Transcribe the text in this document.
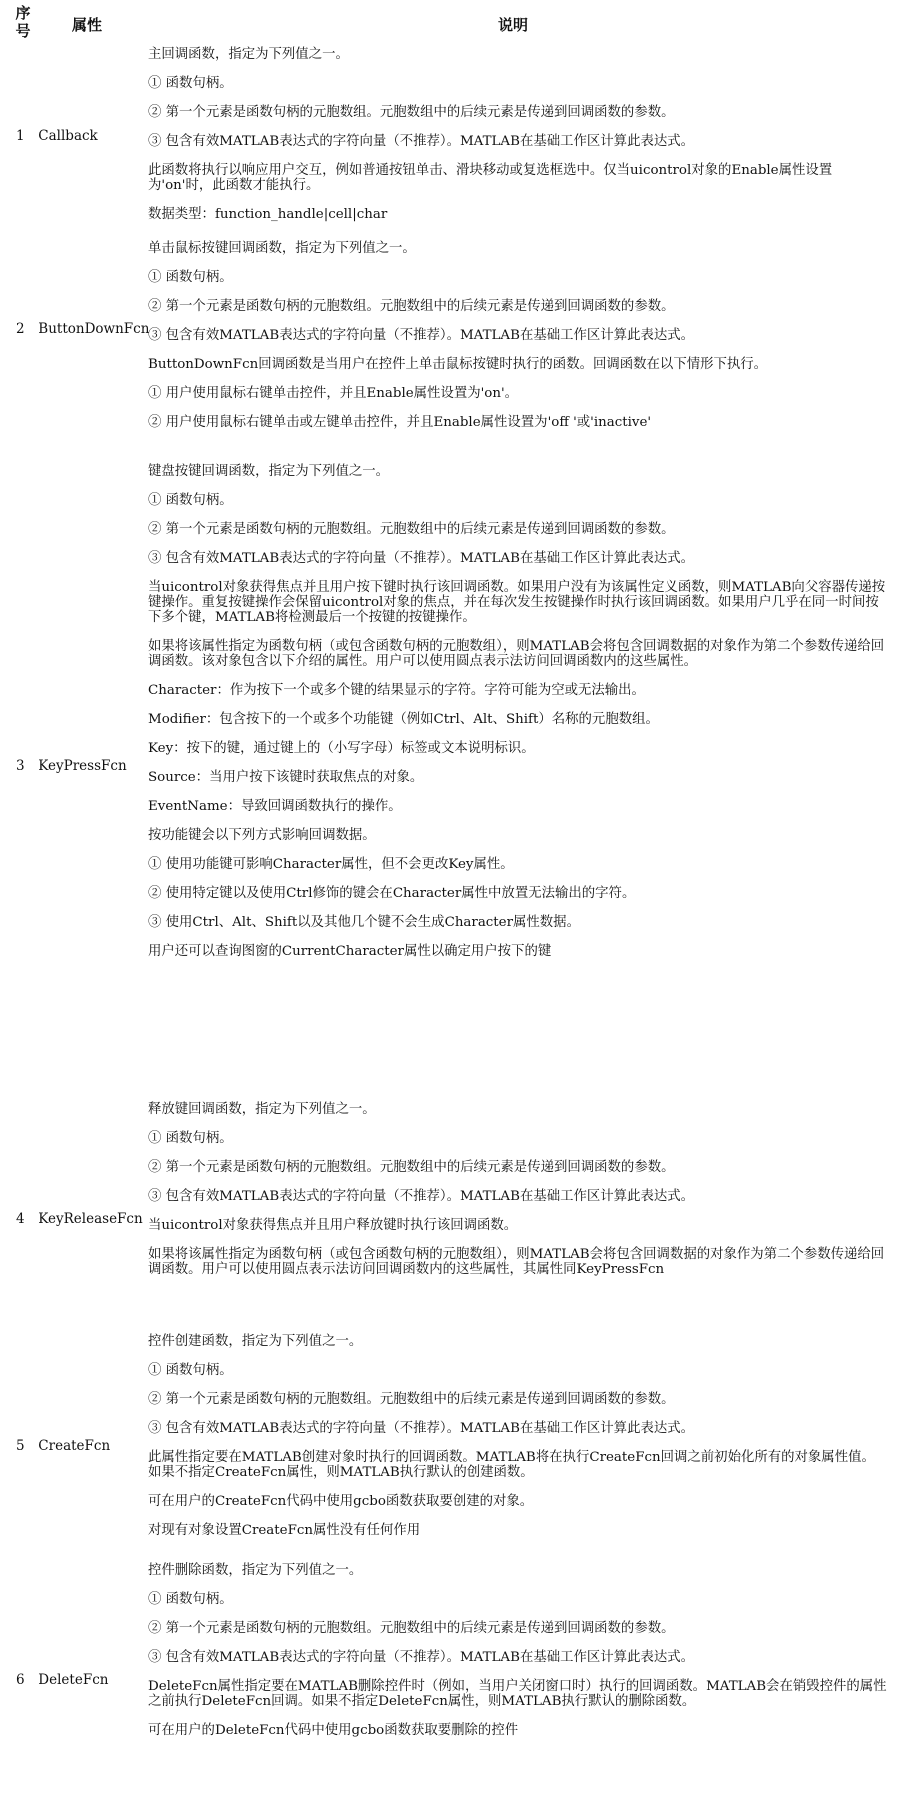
序号	属性	说明
1 Callback

主回调函数，指定为下列值之一。

① 函数句柄。

② 第一个元素是函数句柄的元胞数组。元胞数组中的后续元素是传递到回调函数的参数。

③ 包含有效MATLAB表达式的字符向量（不推荐）。MATLAB在基础工作区计算此表达式。

此函数将执行以响应用户交互，例如普通按钮单击、滑块移动或复选框选中。仅当uicontrol对象的Enable属性设置为'on'时，此函数才能执行。

数据类型：function_handle|cell|char

2 ButtonDownFcn

单击鼠标按键回调函数，指定为下列值之一。

① 函数句柄。

② 第一个元素是函数句柄的元胞数组。元胞数组中的后续元素是传递到回调函数的参数。

③ 包含有效MATLAB表达式的字符向量（不推荐）。MATLAB在基础工作区计算此表达式。

ButtonDownFcn回调函数是当用户在控件上单击鼠标按键时执行的函数。回调函数在以下情形下执行。

① 用户使用鼠标右键单击控件，并且Enable属性设置为'on'。

② 用户使用鼠标右键单击或左键单击控件，并且Enable属性设置为'off '或'inactive'

3 KeyPressFcn

键盘按键回调函数，指定为下列值之一。

① 函数句柄。

② 第一个元素是函数句柄的元胞数组。元胞数组中的后续元素是传递到回调函数的参数。

③ 包含有效MATLAB表达式的字符向量（不推荐）。MATLAB在基础工作区计算此表达式。

当uicontrol对象获得焦点并且用户按下键时执行该回调函数。如果用户没有为该属性定义函数，则MATLAB向父容器传递按键操作。重复按键操作会保留uicontrol对象的焦点，并在每次发生按键操作时执行该回调函数。如果用户几乎在同一时间按下多个键，MATLAB将检测最后一个按键的按键操作。

如果将该属性指定为函数句柄（或包含函数句柄的元胞数组），则MATLAB会将包含回调数据的对象作为第二个参数传递给回调函数。该对象包含以下介绍的属性。用户可以使用圆点表示法访问回调函数内的这些属性。

Character：作为按下一个或多个键的结果显示的字符。字符可能为空或无法输出。

Modifier：包含按下的一个或多个功能键（例如Ctrl、Alt、Shift）名称的元胞数组。

Key：按下的键，通过键上的（小写字母）标签或文本说明标识。

Source：当用户按下该键时获取焦点的对象。

EventName：导致回调函数执行的操作。

按功能键会以下列方式影响回调数据。

① 使用功能键可影响Character属性，但不会更改Key属性。

② 使用特定键以及使用Ctrl修饰的键会在Character属性中放置无法输出的字符。

③ 使用Ctrl、Alt、Shift以及其他几个键不会生成Character属性数据。

用户还可以查询图窗的CurrentCharacter属性以确定用户按下的键

4 KeyReleaseFcn

释放键回调函数，指定为下列值之一。

① 函数句柄。

② 第一个元素是函数句柄的元胞数组。元胞数组中的后续元素是传递到回调函数的参数。

③ 包含有效MATLAB表达式的字符向量（不推荐）。MATLAB在基础工作区计算此表达式。

当uicontrol对象获得焦点并且用户释放键时执行该回调函数。

如果将该属性指定为函数句柄（或包含函数句柄的元胞数组），则MATLAB会将包含回调数据的对象作为第二个参数传递给回调函数。用户可以使用圆点表示法访问回调函数内的这些属性，其属性同KeyPressFcn

5 CreateFcn

控件创建函数，指定为下列值之一。

① 函数句柄。

② 第一个元素是函数句柄的元胞数组。元胞数组中的后续元素是传递到回调函数的参数。

③ 包含有效MATLAB表达式的字符向量（不推荐）。MATLAB在基础工作区计算此表达式。

此属性指定要在MATLAB创建对象时执行的回调函数。MATLAB将在执行CreateFcn回调之前初始化所有的对象属性值。如果不指定CreateFcn属性，则MATLAB执行默认的创建函数。

可在用户的CreateFcn代码中使用gcbo函数获取要创建的对象。

对现有对象设置CreateFcn属性没有任何作用

6 DeleteFcn

控件删除函数，指定为下列值之一。

① 函数句柄。

② 第一个元素是函数句柄的元胞数组。元胞数组中的后续元素是传递到回调函数的参数。

③ 包含有效MATLAB表达式的字符向量（不推荐）。MATLAB在基础工作区计算此表达式。

DeleteFcn属性指定要在MATLAB删除控件时（例如，当用户关闭窗口时）执行的回调函数。MATLAB会在销毁控件的属性之前执行DeleteFcn回调。如果不指定DeleteFcn属性，则MATLAB执行默认的删除函数。

可在用户的DeleteFcn代码中使用gcbo函数获取要删除的控件
